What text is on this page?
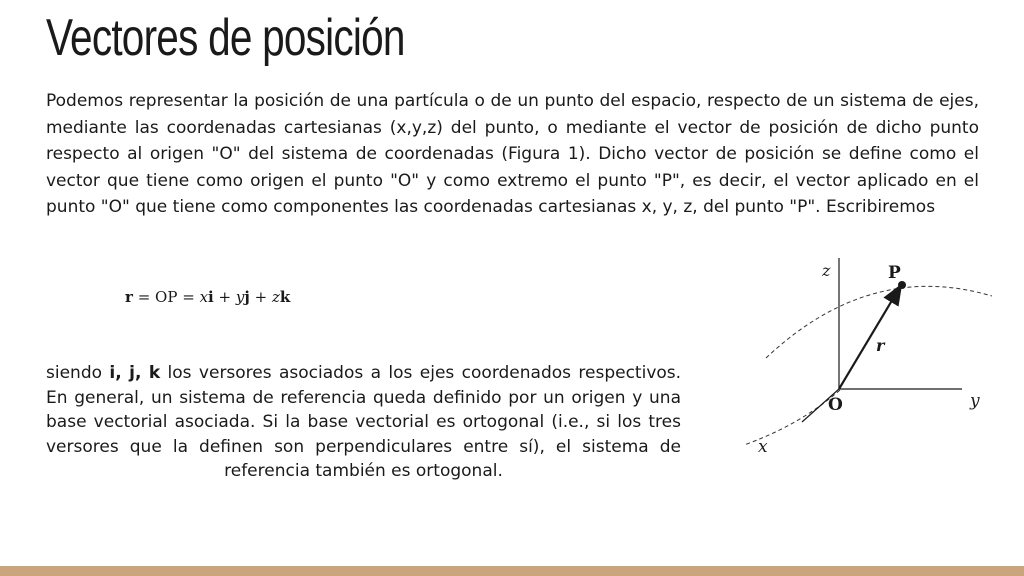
Vectores de posición

Podemos representar la posición de una partícula o de un punto del espacio, respecto de un sistema de ejes, mediante las coordenadas cartesianas (x,y,z) del punto, o mediante el vector de posición de dicho punto respecto al origen "O" del sistema de coordenadas (Figura 1). Dicho vector de posición se define como el vector que tiene como origen el punto "O" y como extremo el punto "P", es decir, el vector aplicado en el punto "O" que tiene como componentes las coordenadas cartesianas x, y, z, del punto "P". Escribiremos

r = OP = xi + yj + zk

siendo i, j, k los versores asociados a los ejes coordenados respectivos. En general, un sistema de referencia queda definido por un origen y una base vectorial asociada. Si la base vectorial es ortogonal (i.e., si los tres versores que la definen son perpendiculares entre sí), el sistema de referencia también es ortogonal.

z	P
r
O	y
x
